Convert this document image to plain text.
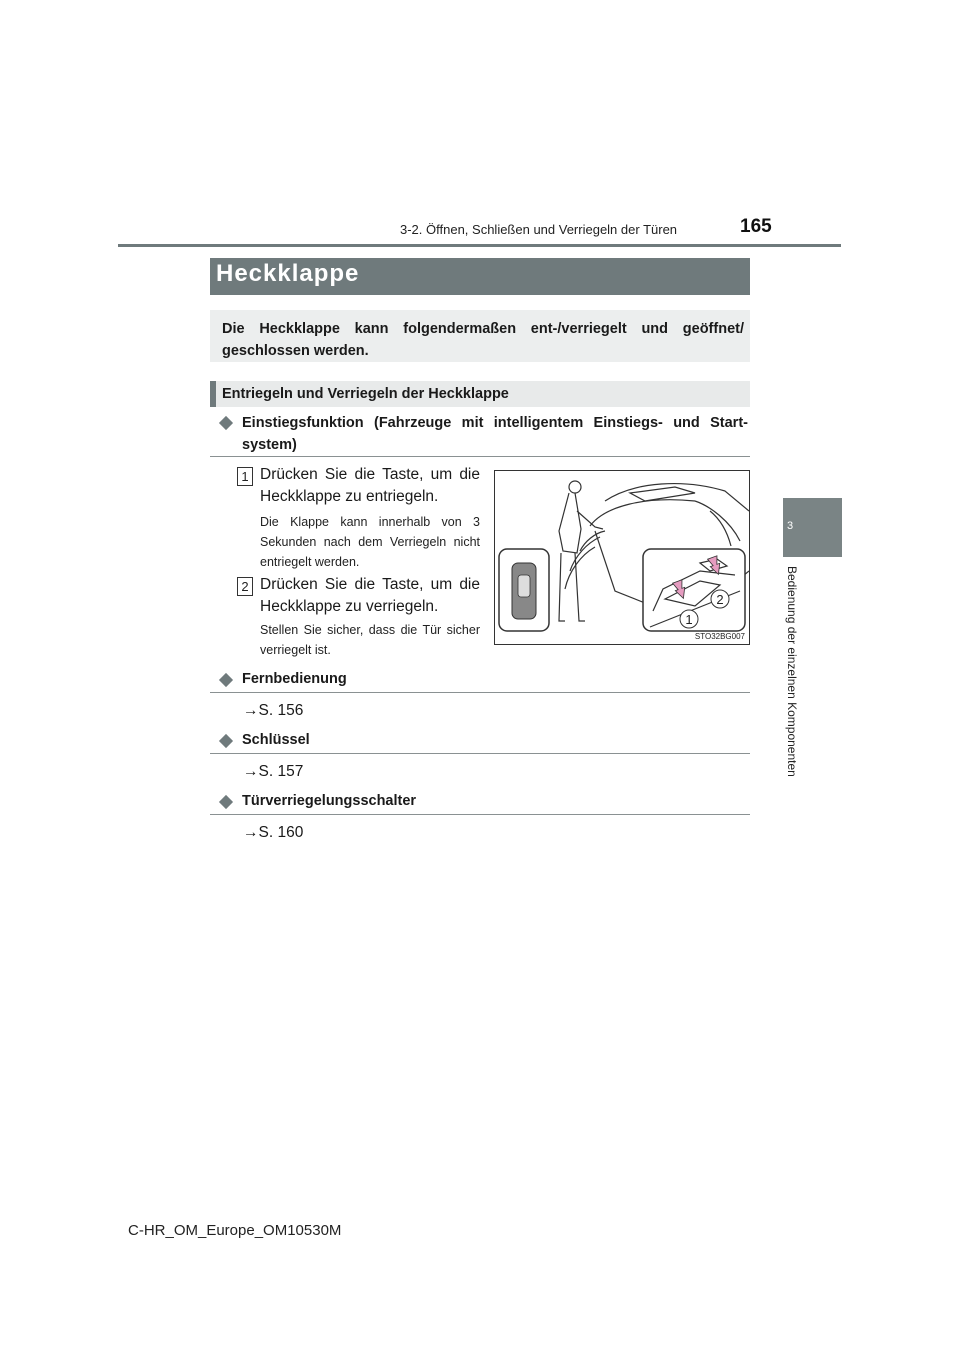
3-2. Öffnen, Schließen und Verriegeln der Türen	165
3
Bedienung der einzelnen Komponenten
Heckklappe
Die Heckklappe kann folgendermaßen ent-/verriegelt und geöffnet/ geschlossen werden.
Entriegeln und Verriegeln der Heckklappe
Einstiegsfunktion (Fahrzeuge mit intelligentem Einstiegs- und Start-system)
1 Drücken Sie die Taste, um die Heckklappe zu entriegeln.
Die Klappe kann innerhalb von 3 Sekunden nach dem Verriegeln nicht entriegelt werden.
2 Drücken Sie die Taste, um die Heckklappe zu verriegeln.
Stellen Sie sicher, dass die Tür sicher verriegelt ist.
1
2
STO32BG007
Fernbedienung
→S. 156
Schlüssel
→S. 157
Türverriegelungsschalter
→S. 160
C-HR_OM_Europe_OM10530M
